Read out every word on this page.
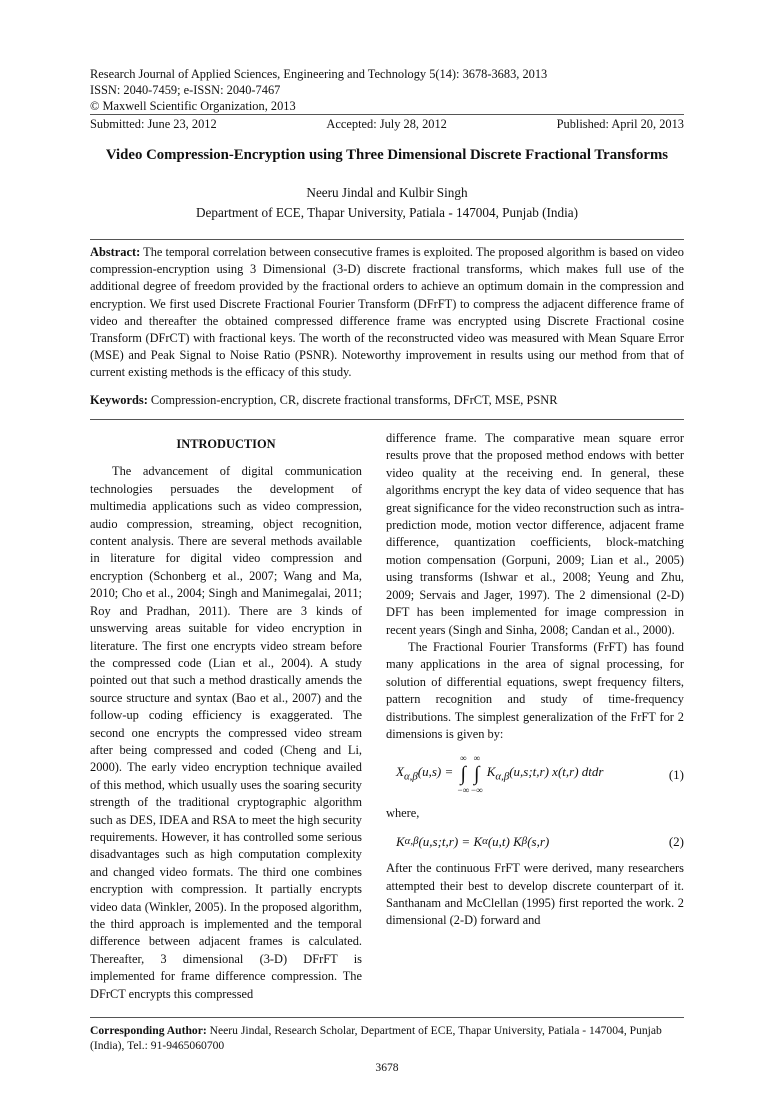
Research Journal of Applied Sciences, Engineering and Technology 5(14): 3678-3683, 2013
ISSN: 2040-7459; e-ISSN: 2040-7467
© Maxwell Scientific Organization, 2013
Submitted: June 23, 2012	Accepted: July 28, 2012	Published: April 20, 2013
Video Compression-Encryption using Three Dimensional Discrete Fractional Transforms
Neeru Jindal and Kulbir Singh
Department of ECE, Thapar University, Patiala - 147004, Punjab (India)
Abstract: The temporal correlation between consecutive frames is exploited. The proposed algorithm is based on video compression-encryption using 3 Dimensional (3-D) discrete fractional transforms, which makes full use of the additional degree of freedom provided by the fractional orders to achieve an optimum domain in the compression and encryption. We first used Discrete Fractional Fourier Transform (DFrFT) to compress the adjacent difference frame of video and thereafter the obtained compressed difference frame was encrypted using Discrete Fractional cosine Transform (DFrCT) with fractional keys. The worth of the reconstructed video was measured with Mean Square Error (MSE) and Peak Signal to Noise Ratio (PSNR). Noteworthy improvement in results using our method from that of current existing methods is the efficacy of this study.
Keywords: Compression-encryption, CR, discrete fractional transforms, DFrCT, MSE, PSNR
INTRODUCTION

The advancement of digital communication technologies persuades the development of multimedia applications such as video compression, audio compression, streaming, object recognition, content analysis. There are several methods available in literature for digital video compression and encryption (Schonberg et al., 2007; Wang and Ma, 2010; Cho et al., 2004; Singh and Manimegalai, 2011; Roy and Pradhan, 2011). There are 3 kinds of unswerving areas suitable for video encryption in literature. The first one encrypts video stream before the compressed code (Lian et al., 2004). A study pointed out that such a method drastically amends the source structure and syntax (Bao et al., 2007) and the follow-up coding efficiency is exaggerated. The second one encrypts the compressed video stream after being compressed and coded (Cheng and Li, 2000). The early video encryption technique availed of this method, which usually uses the soaring security strength of the traditional cryptographic algorithm such as DES, IDEA and RSA to meet the high security requirements. However, it has controlled some serious disadvantages such as high computation complexity and changed video formats. The third one combines encryption with compression. It partially encrypts video data (Winkler, 2005). In the proposed algorithm, the third approach is implemented and the temporal difference between adjacent frames is calculated. Thereafter, 3 dimensional (3-D) DFrFT is implemented for frame difference compression. The DFrCT encrypts this compressed

difference frame. The comparative mean square error results prove that the proposed method endows with better video quality at the receiving end. In general, these algorithms encrypt the key data of video sequence that has great significance for the video reconstruction such as intra-prediction mode, motion vector difference, adjacent frame difference, quantization coefficients, block-matching motion compensation (Gorpuni, 2009; Lian et al., 2005) using transforms (Ishwar et al., 2008; Yeung and Zhu, 2009; Servais and Jager, 1997). The 2 dimensional (2-D) DFT has been implemented for image compression in recent years (Singh and Sinha, 2008; Candan et al., 2000).

The Fractional Fourier Transforms (FrFT) has found many applications in the area of signal processing, for solution of differential equations, swept frequency filters, pattern recognition and study of time-frequency distributions. The simplest generalization of the FrFT for 2 dimensions is given by:

$X_{\alpha,\beta}(u,s)$ =
∞
∫
−∞
∞
∫
−∞
$K_{\alpha,\beta}(u,s;t,r)$ x(t,r) dtdr	(1)
where,
K α,β (u,s;t,r) = K α (u,t) K β (s,r)	(2)

After the continuous FrFT were derived, many researchers attempted their best to develop discrete counterpart of it. Santhanam and McClellan (1995) first reported the work. 2 dimensional (2-D) forward and

Corresponding Author: Neeru Jindal, Research Scholar, Department of ECE, Thapar University, Patiala - 147004, Punjab (India), Tel.: 91-9465060700
3678
